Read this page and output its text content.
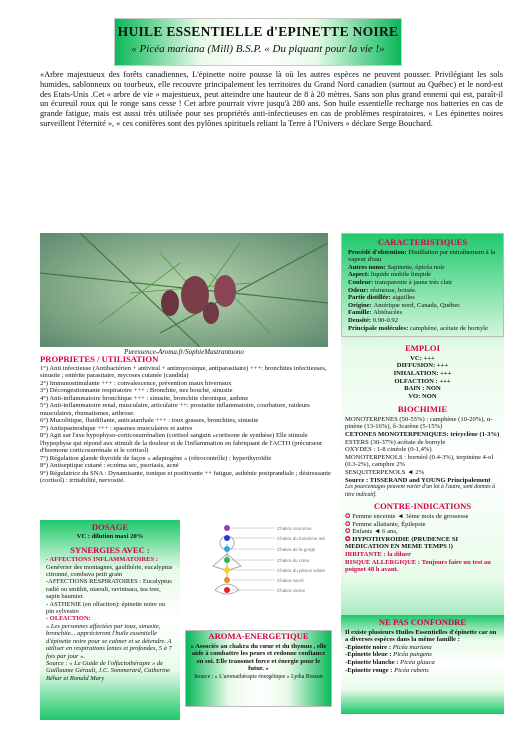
HUILE ESSENTIELLE d'EPINETTE NOIRE
« Picéa mariana (Mill) B.S.P. « Du piquant pour la vie !»
«Arbre majestueux des forêts canadiennes, L'épinette noire pousse là où les autres espèces ne peuvent pousser. Privilégiant les sols humides, sablonneux ou tourbeux, elle recouvre principalement les territoires du Grand Nord canadien (surtout au Québec) et le nord-est des Etats-Unis .Cet « arbre de vie » majestueux, peut atteindre une hauteur de 8 à 20 mètres. Sans son plus grand ennemi qui est, paraît-il un écureuil roux qui le ronge sans cesse ! Cet arbre pourrait vivre jusqu'à 280 ans. Son huile essentielle recharge nos batteries en cas de grande fatigue, mais est aussi très utilisée pour ses propriétés anti-infectieuses en cas de problèmes respiratoires. « Les épinettes noires surveillent l'éternité », « ces conifères sont des pylônes spirituels reliant la Terre à l'Univers » déclare Serge Bouchard.
Puressence-Aroma.fr/SophieMastrantuono
PROPRIETES / UTILISATION

1°) Anti infectieuse (Antibactérien + antiviral + antimycosique, antiparasitaire) +++: bronchites infectieuses, sinusite ; entérite parasitaire, mycoses cutanée (candida)

2°) Immunostimulante +++ : convalescence, prévention maux hivernaux

3°) Décongestionnante respiratoire +++ : Bronchite, nez bouché, sinusite

4°) Anti-inflammatoire bronchique +++ : sinusite, bronchite chronique, asthme

5°) Anti-inflammatoire renal, musculaire, articulaire ++: prostatite inflammatoire, courbature, raideurs musculaires, rhumatismes, arthrose.

6°) Mucolitique, fluidifiante, anticatarrhale +++ : toux grasses, bronchites, sinusite

7°) Antispasmodique +++ : spasmes musculaires et autres

8°) Agit sur l'axe hypophyso-corticosurrénalien (cortisol sanguin «cortisone de synthèse) Elle stimule l'hypophyse qui répond aux stimuli de la douleur et de l'inflammation en fabriquant de l'ACTH (précurseur d'hormone corticosurrénale et le cortisol)

7°) Régulation glande thyroïde de façon « adaptogène » (rétrocontrôle) : hyperthyroïdie

8°) Antiseptique cutané : eczéma sec, psoriasis, acné

9°) Régulatrice du SNA : Dynamisante, tonique et positivante ++ fatigue, asthénie postprandiale ; déstressante (cortisol) : irritabilité, nervosité.

CARACTERISTIQUES
Procédé d'obtention: Distillation par entraînement à la vapeur d'eau
Autres noms: Sapinette, épicéa noir
Aspect: liquide mobile limpide
Couleur: transparente à jaune très clair
Odeur: résineuse, boisée.
Partie distillée: aiguilles
Origine: Amérique nord, Canada, Québec
Famille: Abiétacées
Densité: 0.90-0.92
Principale molécules: camphène, acétate de bornyle
EMPLOI
VC: +++
DIFFUSION: +++
INHALATION: +++
OLFACTION : +++
BAIN : NON
VO: NON
BIOCHIMIE
MONOTERPENES (50-55%) : camphène (10-20%), α-pinène (13-16%), δ-3carène (5-15%)
CETONES MONOTERPENIQUES: tricyclène (1-3%)
ESTERS (30-37%) acétate de bornyle
OXYDES : 1-8 cinéole (0-1,4%)
MONOTERPENOLS : bornéol (0.4-3%), terpinène 4-ol (0.3-2%), camphre 2%
SESQUITERPENOLS ◄ 2%
Source : TISSERAND and YOUNG Principalement
Les pourcentages peuvent varier d'un lot à l'autre, sont donnés à titre indicatif.
CONTRE-INDICATIONS
✪ Femme enceinte ◄ 3ème mois de grossesse
✪ Femme allaitante, Épilepsie
✪ Enfants ◄ 6 ans,
✪ HYPOTHYROIDIE (PRUDENCE SI MEDICATION EN MEME TEMPS !)
IRRITANTE : la diluer
RISQUE ALLERGIQUE : Toujours faire un test au poignet 48 h avant.
NE PAS CONFONDRE
Il existe plusieurs Huiles Essentielles d'épinette car on a diverses espèces dans la même famille :
-Epinette noire : Picéa mariana
-Epinette bleue : Picéa pungens
-Epinette blanche : Picéa glauca
-Epinette rouge : Picéa rubens
DOSAGE
VC : dilution maxi 20%
SYNERGIES AVEC :
- AFFECTIONS INFLAMMATOIRES :
Genévrier des montagnes, gaulthérie, eucalyptus citronné, combava petit grain
-AFFECTIONS RESPIRATOIRES : Eucalyptus radié ou smithii, niaouli, ravintsara, tea tree, sapin baumier.
- ASTHENIE (en olfaction): épinette noire ou pin sylvestre
- OLFACTION:
« Les personnes affectées par toux, sinusite, bronchite... apprécieront l'huile essentielle d'épinette noire pour se calmer et se détendre. A utiliser en respirations lentes et profondes, 5 à 7 fois par jour ».
Source : « Le Guide de l'olfactothérapie » de Guillaume Gérault, J.C. Sommerard, Catherine Béhar et Ronald Mary
Chakra couronne
Chakra du troisième oeil
Chakra de la gorge
Chakra du cœur
Chakra du plexus solaire
Chakra sacré
Chakra racine
AROMA-ENERGETIQUE
« Associée au chakra du cœur et du thymus , elle aide à combattre les peurs et redonne confiance en soi. Elle transmet force et énergie pour le futur. »
Source : « L'aromathérapie énergétique » Lydia Bosson
